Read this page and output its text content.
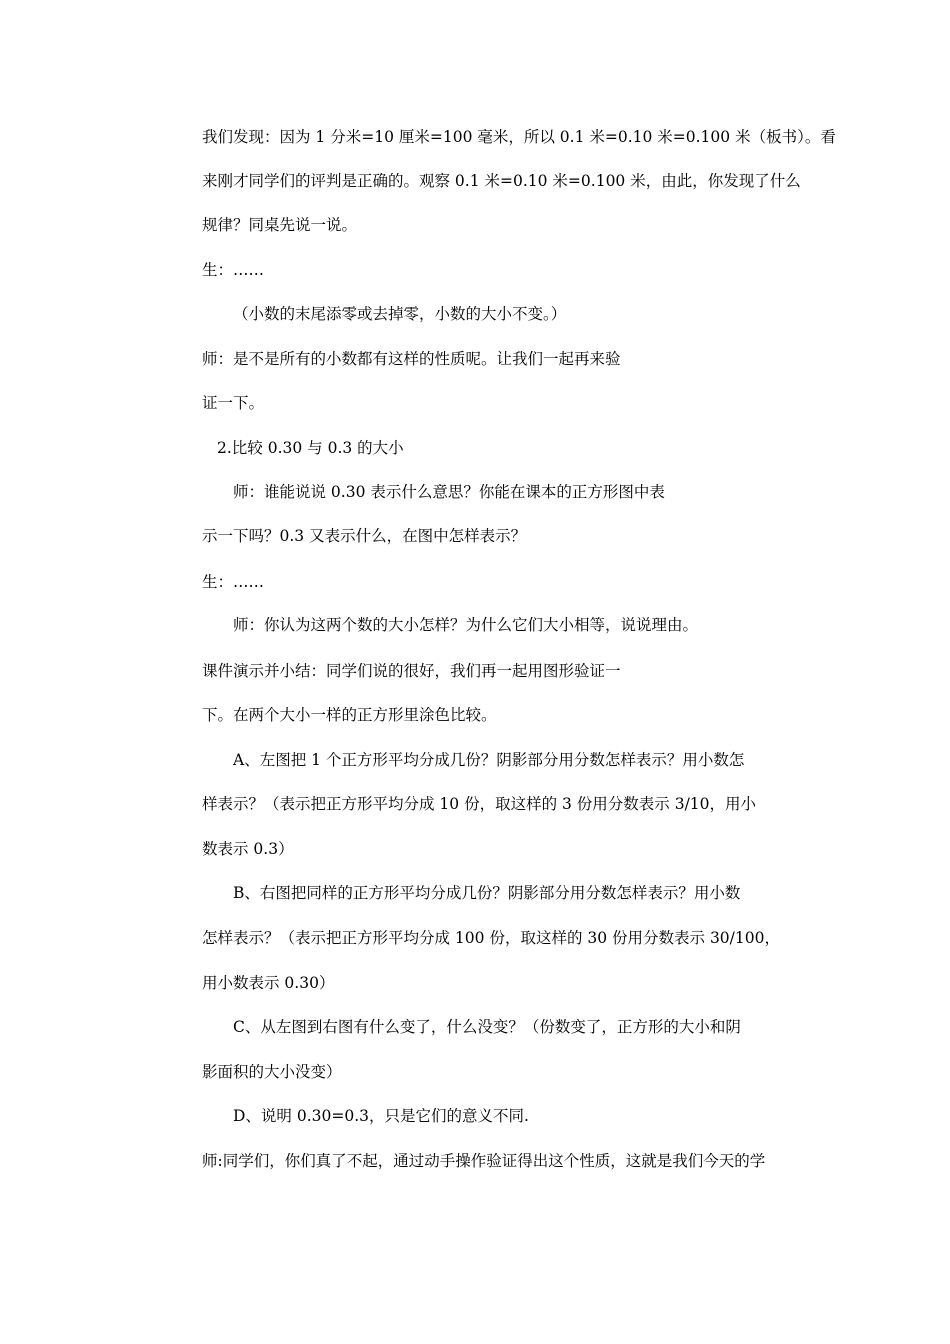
我们发现：因为 1 分米=10 厘米=100 毫米，所以 0.1 米=0.10 米=0.100 米（板书）。看

来刚才同学们的评判是正确的。观察 0.1 米=0.10 米=0.100 米，由此，你发现了什么

规律？同桌先说一说。

生：……

（小数的末尾添零或去掉零，小数的大小不变。）

师：是不是所有的小数都有这样的性质呢。让我们一起再来验

证一下。

2.比较 0.30 与 0.3 的大小

师：谁能说说 0.30 表示什么意思？你能在课本的正方形图中表

示一下吗？0.3 又表示什么，在图中怎样表示？

生：……

师：你认为这两个数的大小怎样？为什么它们大小相等，说说理由。

课件演示并小结：同学们说的很好，我们再一起用图形验证一

下。在两个大小一样的正方形里涂色比较。

A、左图把 1 个正方形平均分成几份？阴影部分用分数怎样表示？用小数怎

样表示？（表示把正方形平均分成 10 份，取这样的 3 份用分数表示 3/10，用小

数表示 0.3）

B、右图把同样的正方形平均分成几份？阴影部分用分数怎样表示？用小数

怎样表示？（表示把正方形平均分成 100 份，取这样的 30 份用分数表示 30/100，

用小数表示 0.30）

C、从左图到右图有什么变了，什么没变？（份数变了，正方形的大小和阴

影面积的大小没变）

D、说明 0.30=0.3，只是它们的意义不同.

师:同学们，你们真了不起，通过动手操作验证得出这个性质，这就是我们今天的学
